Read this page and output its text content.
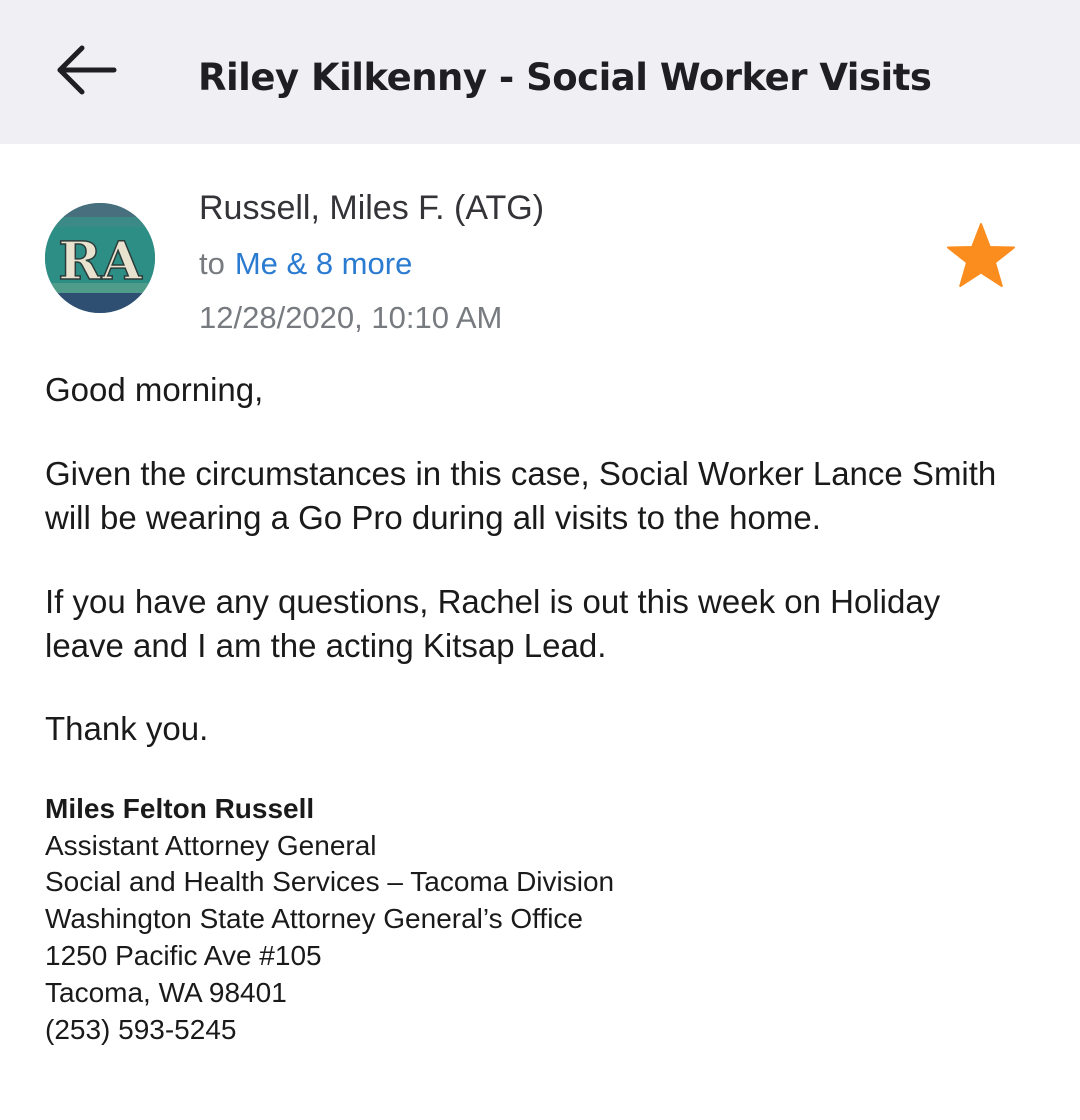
Riley Kilkenny - Social Worker Visits
RA
Russell, Miles F. (ATG)
to Me & 8 more
12/28/2020, 10:10 AM

Good morning,

Given the circumstances in this case, Social Worker Lance Smith will be wearing a Go Pro during all visits to the home.

If you have any questions, Rachel is out this week on Holiday leave and I am the acting Kitsap Lead.

Thank you.

Miles Felton Russell

Assistant Attorney General

Social and Health Services – Tacoma Division

Washington State Attorney General’s Office

1250 Pacific Ave #105

Tacoma, WA 98401

(253) 593-5245
